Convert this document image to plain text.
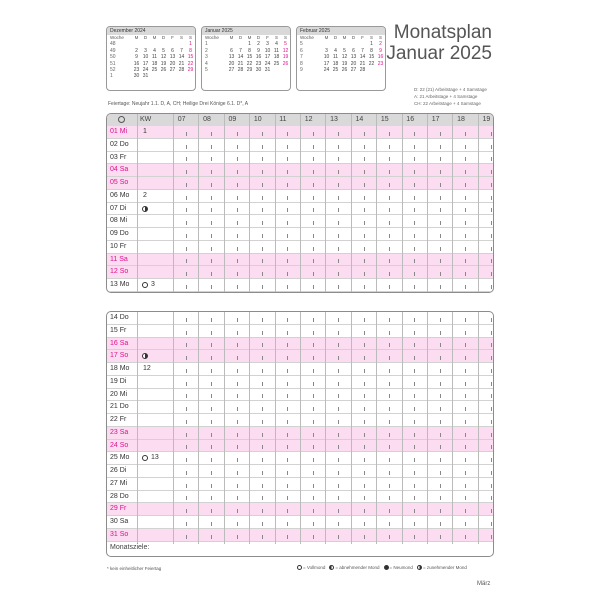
Dezember 2024
Woche	M	D	M	D	F	S	S
48							1
49	2	3	4	5	6	7	8
50	9	10	11	12	13	14	15
51	16	17	18	19	20	21	22
52	23	24	25	26	27	28	29
1	30	31					
Januar 2025
Woche	M	D	M	D	F	S	S
1			1	2	3	4	5
2	6	7	8	9	10	11	12
3	13	14	15	16	17	18	19
4	20	21	22	23	24	25	26
5	27	28	29	30	31		
Februar 2025
Woche	M	D	M	D	F	S	S
5						1	2
6	3	4	5	6	7	8	9
7	10	11	12	13	14	15	16
8	17	18	19	20	21	22	23
9	24	25	26	27	28		
Monatsplan
Januar 2025
D: 22 (21) Arbeitstage + 4 Samstage
A: 21 Arbeitstage + 4 Samstage
CH: 22 Arbeitstage + 4 Samstage
Feiertage: Neujahr 1.1. D, A, CH; Heilige Drei Könige 6.1. D*, A
KW	07	08	09	10	11	12	13	14	15	16	17	18	19
01 Mi 1
02 Do
03 Fr
04 Sa
05 So
06 Mo 2
07 Di
08 Mi
09 Do
10 Fr
11 Sa
12 So
13 Mo	3
14 Do
15 Fr
16 Sa
17 So
18 Mo 12
19 Di
20 Mi
21 Do
22 Fr
23 Sa
24 So
25 Mo	13
26 Di
27 Mi
28 Do
29 Fr
30 Sa
31 So
Monatsziele:
* kein einheitlicher Feiertag	= Vollmond = abnehmender Mond = Neumond = zunehmender Mond
März
